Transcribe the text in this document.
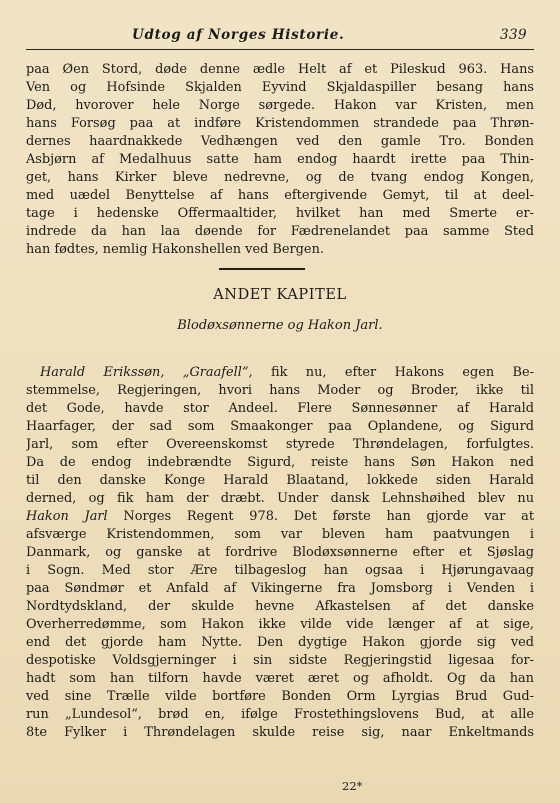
Udtog af Norges Historie.	339
paa Øen Stord, døde denne ædle Helt af et Pileskud 963. Hans
Ven og Hofsinde Skjalden Eyvind Skjaldaspiller besang hans
Død, hvorover hele Norge sørgede. Hakon var Kristen, men
hans Forsøg paa at indføre Kristendommen strandede paa Thrøn-
dernes haardnakkede Vedhængen ved den gamle Tro. Bonden
Asbjørn af Medalhuus satte ham endog haardt irette paa Thin-
get, hans Kirker bleve nedrevne, og de tvang endog Kongen,
med uædel Benyttelse af hans eftergivende Gemyt, til at deel-
tage i hedenske Offermaaltider, hvilket han med Smerte er-
indrede da han laa døende for Fædrenelandet paa samme Sted
han fødtes, nemlig Hakonshellen ved Bergen.
ANDET KAPITEL
Blodøxsønnerne og Hakon Jarl.
Harald Erikssøn, „Graafell“, fik nu, efter Hakons egen Be-
stemmelse, Regjeringen, hvori hans Moder og Broder, ikke til
det Gode, havde stor Andeel. Flere Sønnesønner af Harald
Haarfager, der sad som Smaakonger paa Oplandene, og Sigurd
Jarl, som efter Overeenskomst styrede Thrøndelagen, forfulgtes.
Da de endog indebrændte Sigurd, reiste hans Søn Hakon ned
til den danske Konge Harald Blaatand, lokkede siden Harald
derned, og fik ham der dræbt. Under dansk Lehnshøihed blev nu
Hakon Jarl Norges Regent 978. Det første han gjorde var at
afsværge Kristendommen, som var bleven ham paatvungen i
Danmark, og ganske at fordrive Blodøxsønnerne efter et Sjøslag
i Sogn. Med stor Ære tilbageslog han ogsaa i Hjørungavaag
paa Søndmør et Anfald af Vikingerne fra Jomsborg i Venden i
Nordtydskland, der skulde hevne Afkastelsen af det danske
Overherredømme, som Hakon ikke vilde vide længer af at sige,
end det gjorde ham Nytte. Den dygtige Hakon gjorde sig ved
despotiske Voldsgjerninger i sin sidste Regjeringstid ligesaa for-
hadt som han tilforn havde været æret og afholdt. Og da han
ved sine Trælle vilde bortføre Bonden Orm Lyrgias Brud Gud-
run „Lundesol“, brød en, ifølge Frostethingslovens Bud, at alle
8te Fylker i Thrøndelagen skulde reise sig, naar Enkeltmands
22*
